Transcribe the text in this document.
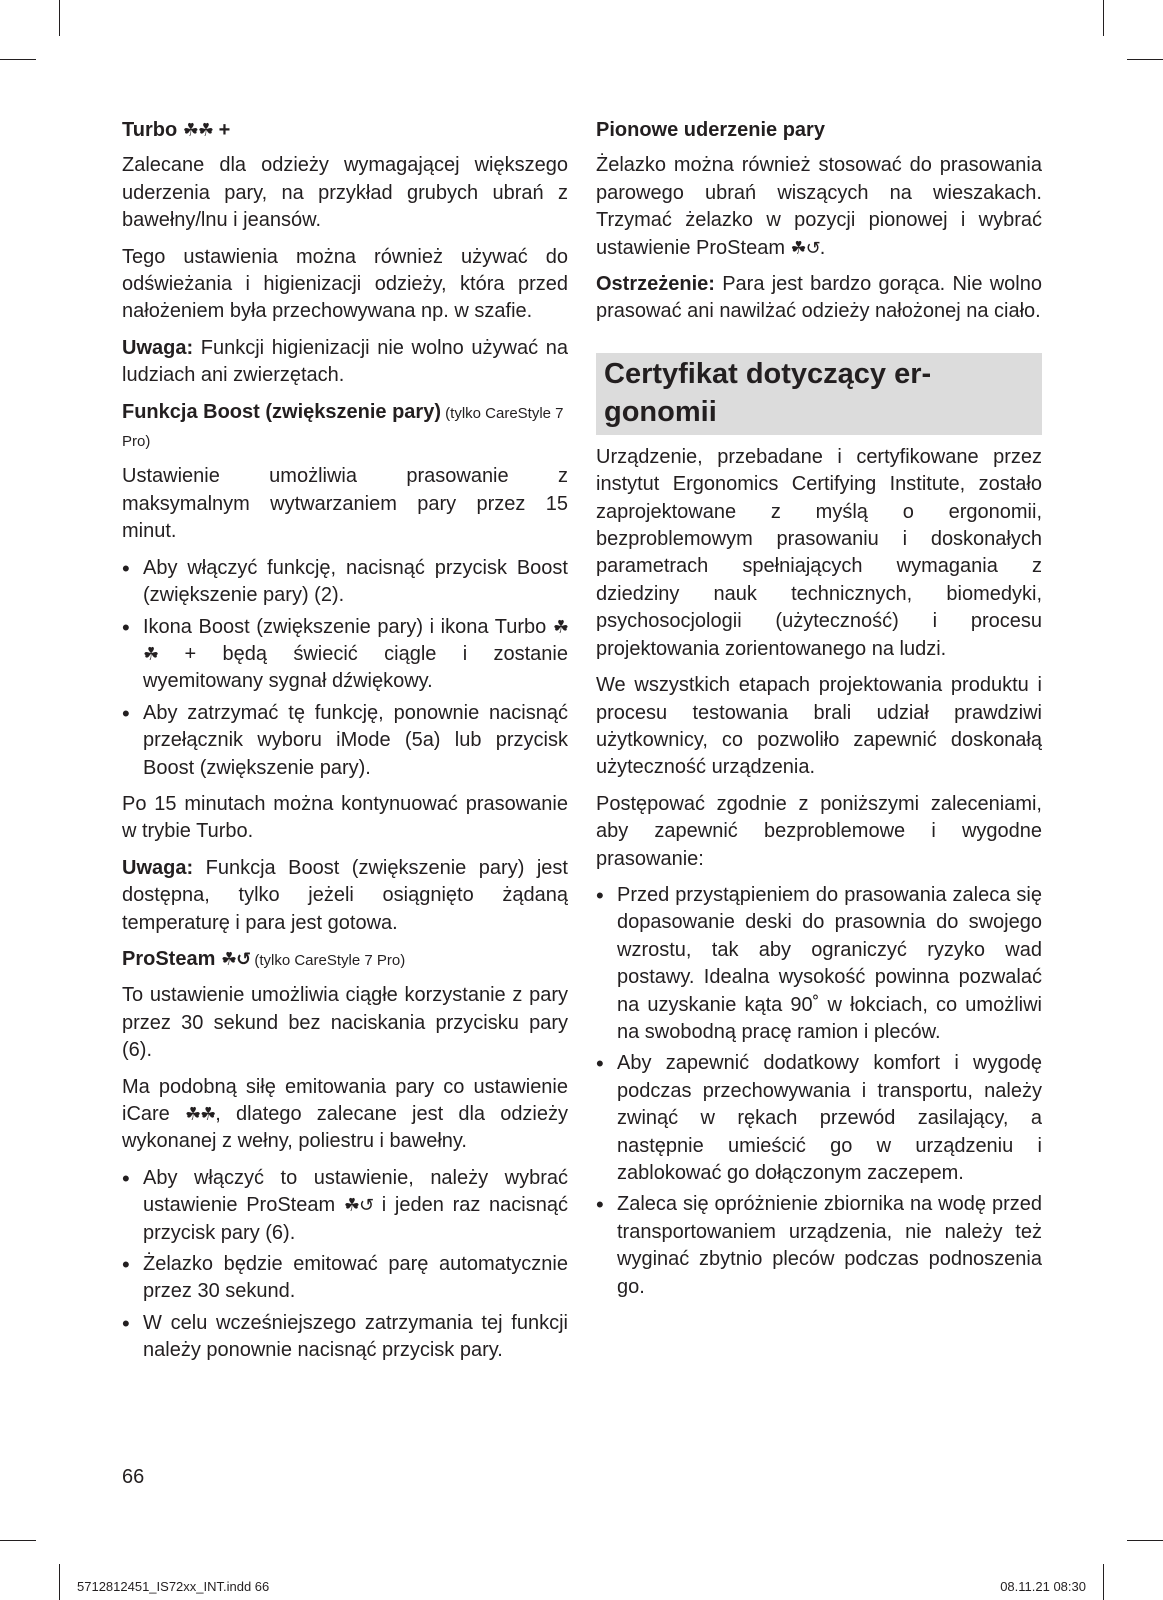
Turbo ☘☘ +

Zalecane dla odzieży wymagającej większego uderzenia pary, na przykład grubych ubrań z bawełny/lnu i jeansów.

Tego ustawienia można również używać do odświeżania i higienizacji odzieży, która przed nałożeniem była przechowywana np. w szafie.

Uwaga: Funkcji higienizacji nie wolno używać na ludziach ani zwierzętach.

Funkcja Boost (zwiększenie pary) (tylko CareStyle 7 Pro)

Ustawienie umożliwia prasowanie z maksymalnym wytwarzaniem pary przez 15 minut.

• Aby włączyć funkcję, nacisnąć przycisk Boost (zwiększenie pary) (2).
• Ikona Boost (zwiększenie pary) i ikona Turbo ☘☘ + będą świecić ciągle i zostanie wyemitowany sygnał dźwiękowy.
• Aby zatrzymać tę funkcję, ponownie nacisnąć przełącznik wyboru iMode (5a) lub przycisk Boost (zwiększenie pary).

Po 15 minutach można kontynuować prasowanie w trybie Turbo.

Uwaga: Funkcja Boost (zwiększenie pary) jest dostępna, tylko jeżeli osiągnięto żądaną temperaturę i para jest gotowa.

ProSteam ☘↺ (tylko CareStyle 7 Pro)

To ustawienie umożliwia ciągłe korzystanie z pary przez 30 sekund bez naciskania przycisku pary (6).

Ma podobną siłę emitowania pary co ustawienie iCare ☘☘, dlatego zalecane jest dla odzieży wykonanej z wełny, poliestru i bawełny.

• Aby włączyć to ustawienie, należy wybrać ustawienie ProSteam ☘↺ i jeden raz nacisnąć przycisk pary (6).
• Żelazko będzie emitować parę automatycznie przez 30 sekund.
• W celu wcześniejszego zatrzymania tej funkcji należy ponownie nacisnąć przycisk pary.

Pionowe uderzenie pary

Żelazko można również stosować do prasowania parowego ubrań wiszących na wieszakach. Trzymać żelazko w pozycji pionowej i wybrać ustawienie ProSteam ☘↺.

Ostrzeżenie: Para jest bardzo gorąca. Nie wolno prasować ani nawilżać odzieży nałożonej na ciało.

Certyfikat dotyczący er-
gonomii

Urządzenie, przebadane i certyfikowane przez instytut Ergonomics Certifying Institute, zostało zaprojektowane z myślą o ergonomii, bezproblemowym prasowaniu i doskonałych parametrach spełniających wymagania z dziedziny nauk technicznych, biomedyki, psychosocjologii (użyteczność) i procesu projektowania zorientowanego na ludzi.

We wszystkich etapach projektowania produktu i procesu testowania brali udział prawdziwi użytkownicy, co pozwoliło zapewnić doskonałą użyteczność urządzenia.

Postępować zgodnie z poniższymi zaleceniami, aby zapewnić bezproblemowe i wygodne prasowanie:

• Przed przystąpieniem do prasowania zaleca się dopasowanie deski do prasownia do swojego wzrostu, tak aby ograniczyć ryzyko wad postawy. Idealna wysokość powinna pozwalać na uzyskanie kąta 90˚ w łokciach, co umożliwi na swobodną pracę ramion i pleców.
• Aby zapewnić dodatkowy komfort i wygodę podczas przechowywania i transportu, należy zwinąć w rękach przewód zasilający, a następnie umieścić go w urządzeniu i zablokować go dołączonym zaczepem.
• Zaleca się opróżnienie zbiornika na wodę przed transportowaniem urządzenia, nie należy też wyginać zbytnio pleców podczas podnoszenia go.
66
5712812451_IS72xx_INT.indd 66	08.11.21 08:30
